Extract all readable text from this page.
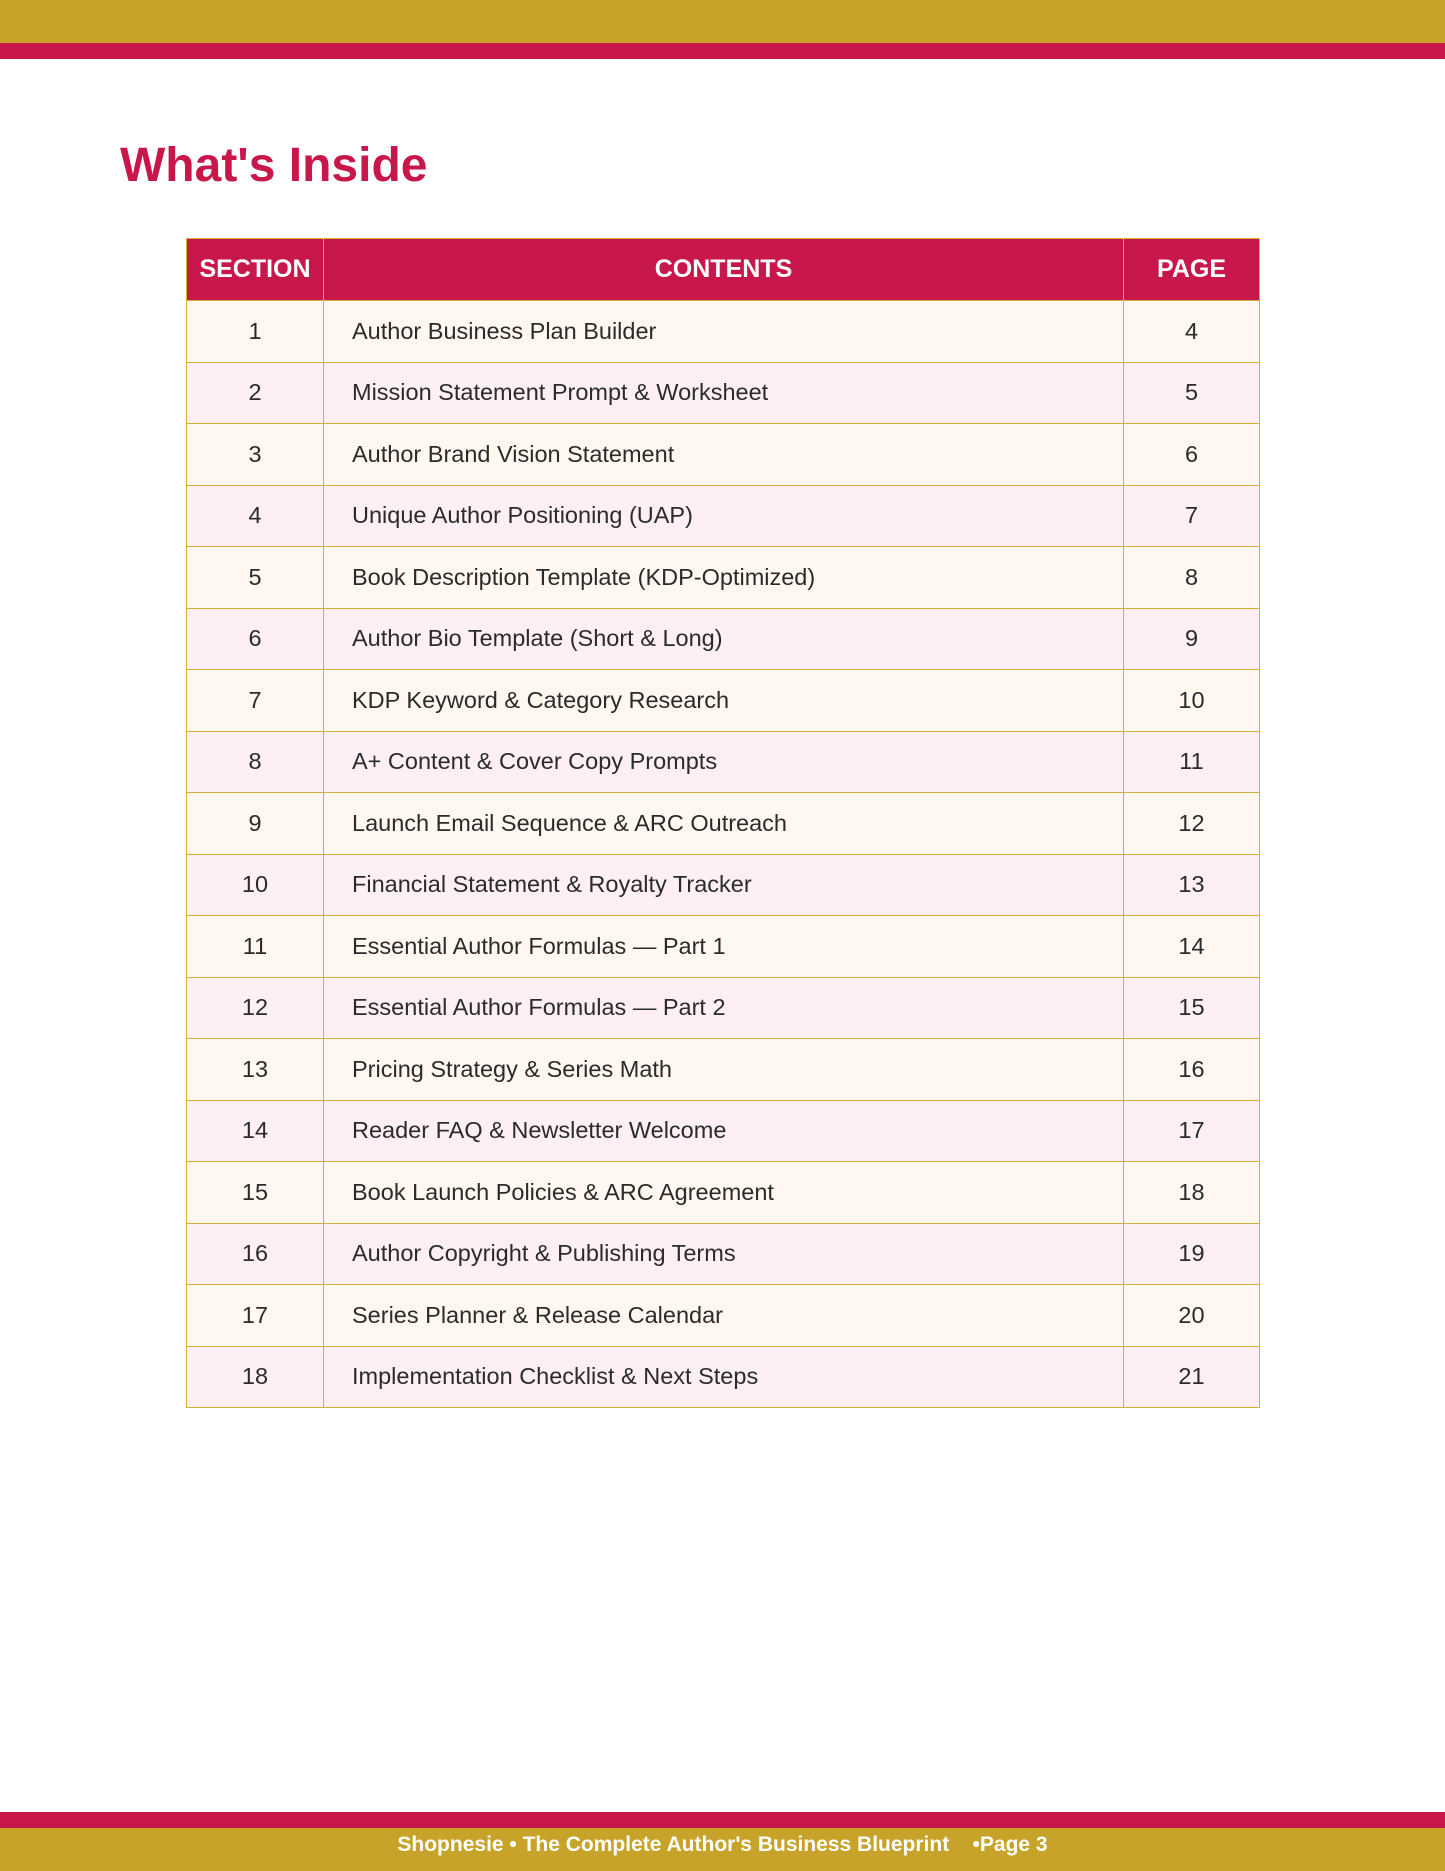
What's Inside
SECTION	CONTENTS	PAGE
1	Author Business Plan Builder	4
2	Mission Statement Prompt & Worksheet	5
3	Author Brand Vision Statement	6
4	Unique Author Positioning (UAP)	7
5	Book Description Template (KDP-Optimized)	8
6	Author Bio Template (Short & Long)	9
7	KDP Keyword & Category Research	10
8	A+ Content & Cover Copy Prompts	11
9	Launch Email Sequence & ARC Outreach	12
10	Financial Statement & Royalty Tracker	13
11	Essential Author Formulas — Part 1	14
12	Essential Author Formulas — Part 2	15
13	Pricing Strategy & Series Math	16
14	Reader FAQ & Newsletter Welcome	17
15	Book Launch Policies & ARC Agreement	18
16	Author Copyright & Publishing Terms	19
17	Series Planner & Release Calendar	20
18	Implementation Checklist & Next Steps	21
Shopnesie • The Complete Author's Business Blueprint    •Page 3
